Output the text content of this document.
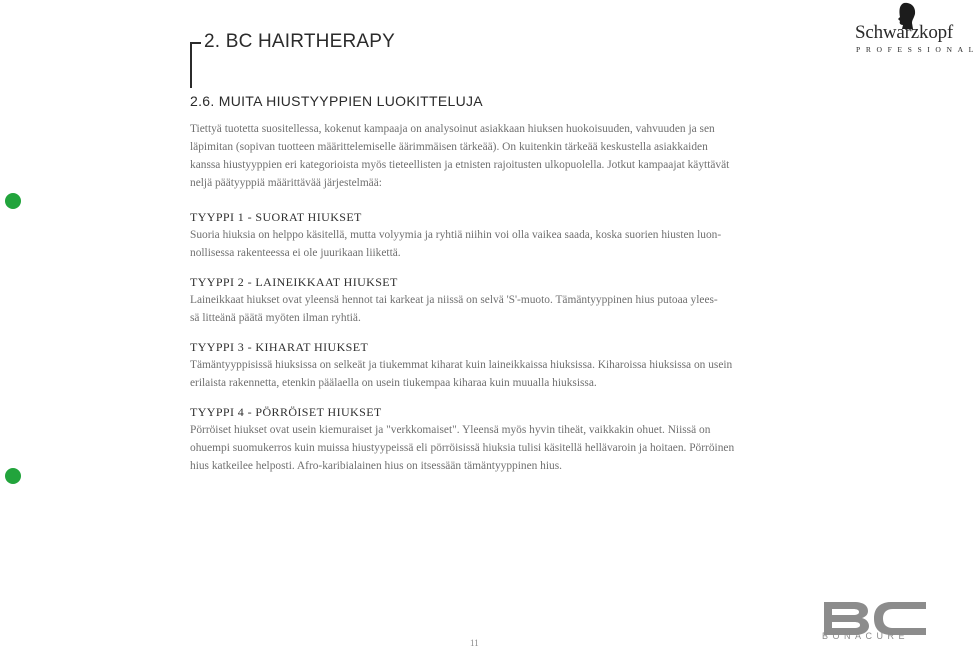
2. BC HAIRTHERAPY	Schwarzkopf
PROFESSIONAL
2.6. MUITA HIUSTYYPPIEN LUOKITTELUJA

Tiettyä tuotetta suositellessa, kokenut kampaaja on analysoinut asiakkaan hiuksen huokoisuuden, vahvuuden ja sen
läpimitan (sopivan tuotteen määrittelemiselle äärimmäisen tärkeää). On kuitenkin tärkeää keskustella asiakkaiden
kanssa hiustyyppien eri kategorioista myös tieteellisten ja etnisten rajoitusten ulkopuolella. Jotkut kampaajat käyttävät
neljä päätyyppiä määrittävää järjestelmää:

TYYPPI 1 - SUORAT HIUKSET

Suoria hiuksia on helppo käsitellä, mutta volyymia ja ryhtiä niihin voi olla vaikea saada, koska suorien hiusten luon-
nollisessa rakenteessa ei ole juurikaan liikettä.

TYYPPI 2 - LAINEIKKAAT HIUKSET

Laineikkaat hiukset ovat yleensä hennot tai karkeat ja niissä on selvä 'S'-muoto. Tämäntyyppinen hius putoaa ylees-
sä litteänä päätä myöten ilman ryhtiä.

TYYPPI 3 - KIHARAT HIUKSET

Tämäntyyppisissä hiuksissa on selkeät ja tiukemmat kiharat kuin laineikkaissa hiuksissa. Kiharoissa hiuksissa on usein
erilaista rakennetta, etenkin päälaella on usein tiukempaa kiharaa kuin muualla hiuksissa.

TYYPPI 4 - PÖRRÖISET HIUKSET

Pörröiset hiukset ovat usein kiemuraiset ja "verkkomaiset". Yleensä myös hyvin tiheät, vaikkakin ohuet. Niissä on
ohuempi suomukerros kuin muissa hiustyypeissä eli pörröisissä hiuksia tulisi käsitellä hellävaroin ja hoitaen. Pörröinen
hius katkeilee helposti. Afro-karibialainen hius on itsessään tämäntyyppinen hius.

11
BONACURE
